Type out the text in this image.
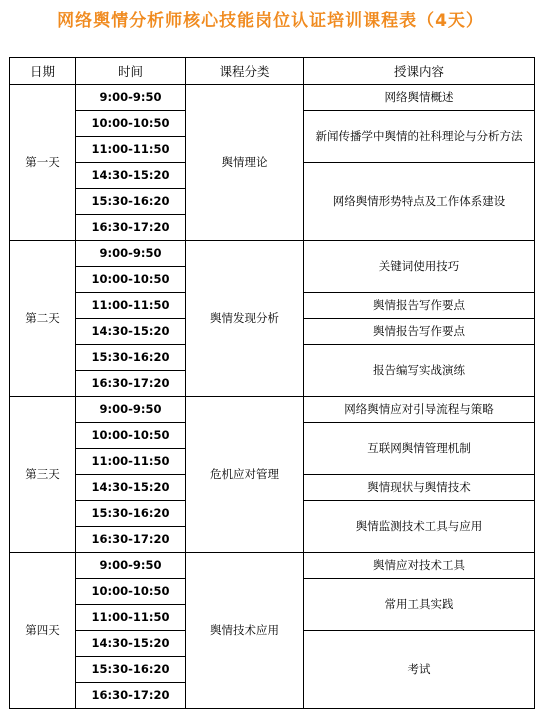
网络舆情分析师核心技能岗位认证培训课程表（4天）
日期	时间	课程分类	授课内容
第一天	9:00-9:50	舆情理论	网络舆情概述
	10:00-10:50		新闻传播学中舆情的社科理论与分析方法
	11:00-11:50		
	14:30-15:20		网络舆情形势特点及工作体系建设
	15:30-16:20		
	16:30-17:20		
第二天	9:00-9:50	舆情发现分析	关键词使用技巧
	10:00-10:50		
	11:00-11:50		舆情报告写作要点
	14:30-15:20		舆情报告写作要点
	15:30-16:20		报告编写实战演练
	16:30-17:20		
第三天	9:00-9:50	危机应对管理	网络舆情应对引导流程与策略
	10:00-10:50		互联网舆情管理机制
	11:00-11:50		
	14:30-15:20		舆情现状与舆情技术
	15:30-16:20		舆情监测技术工具与应用
	16:30-17:20		
第四天	9:00-9:50	舆情技术应用	舆情应对技术工具
	10:00-10:50		常用工具实践
	11:00-11:50		
	14:30-15:20		考试
	15:30-16:20		
	16:30-17:20		
